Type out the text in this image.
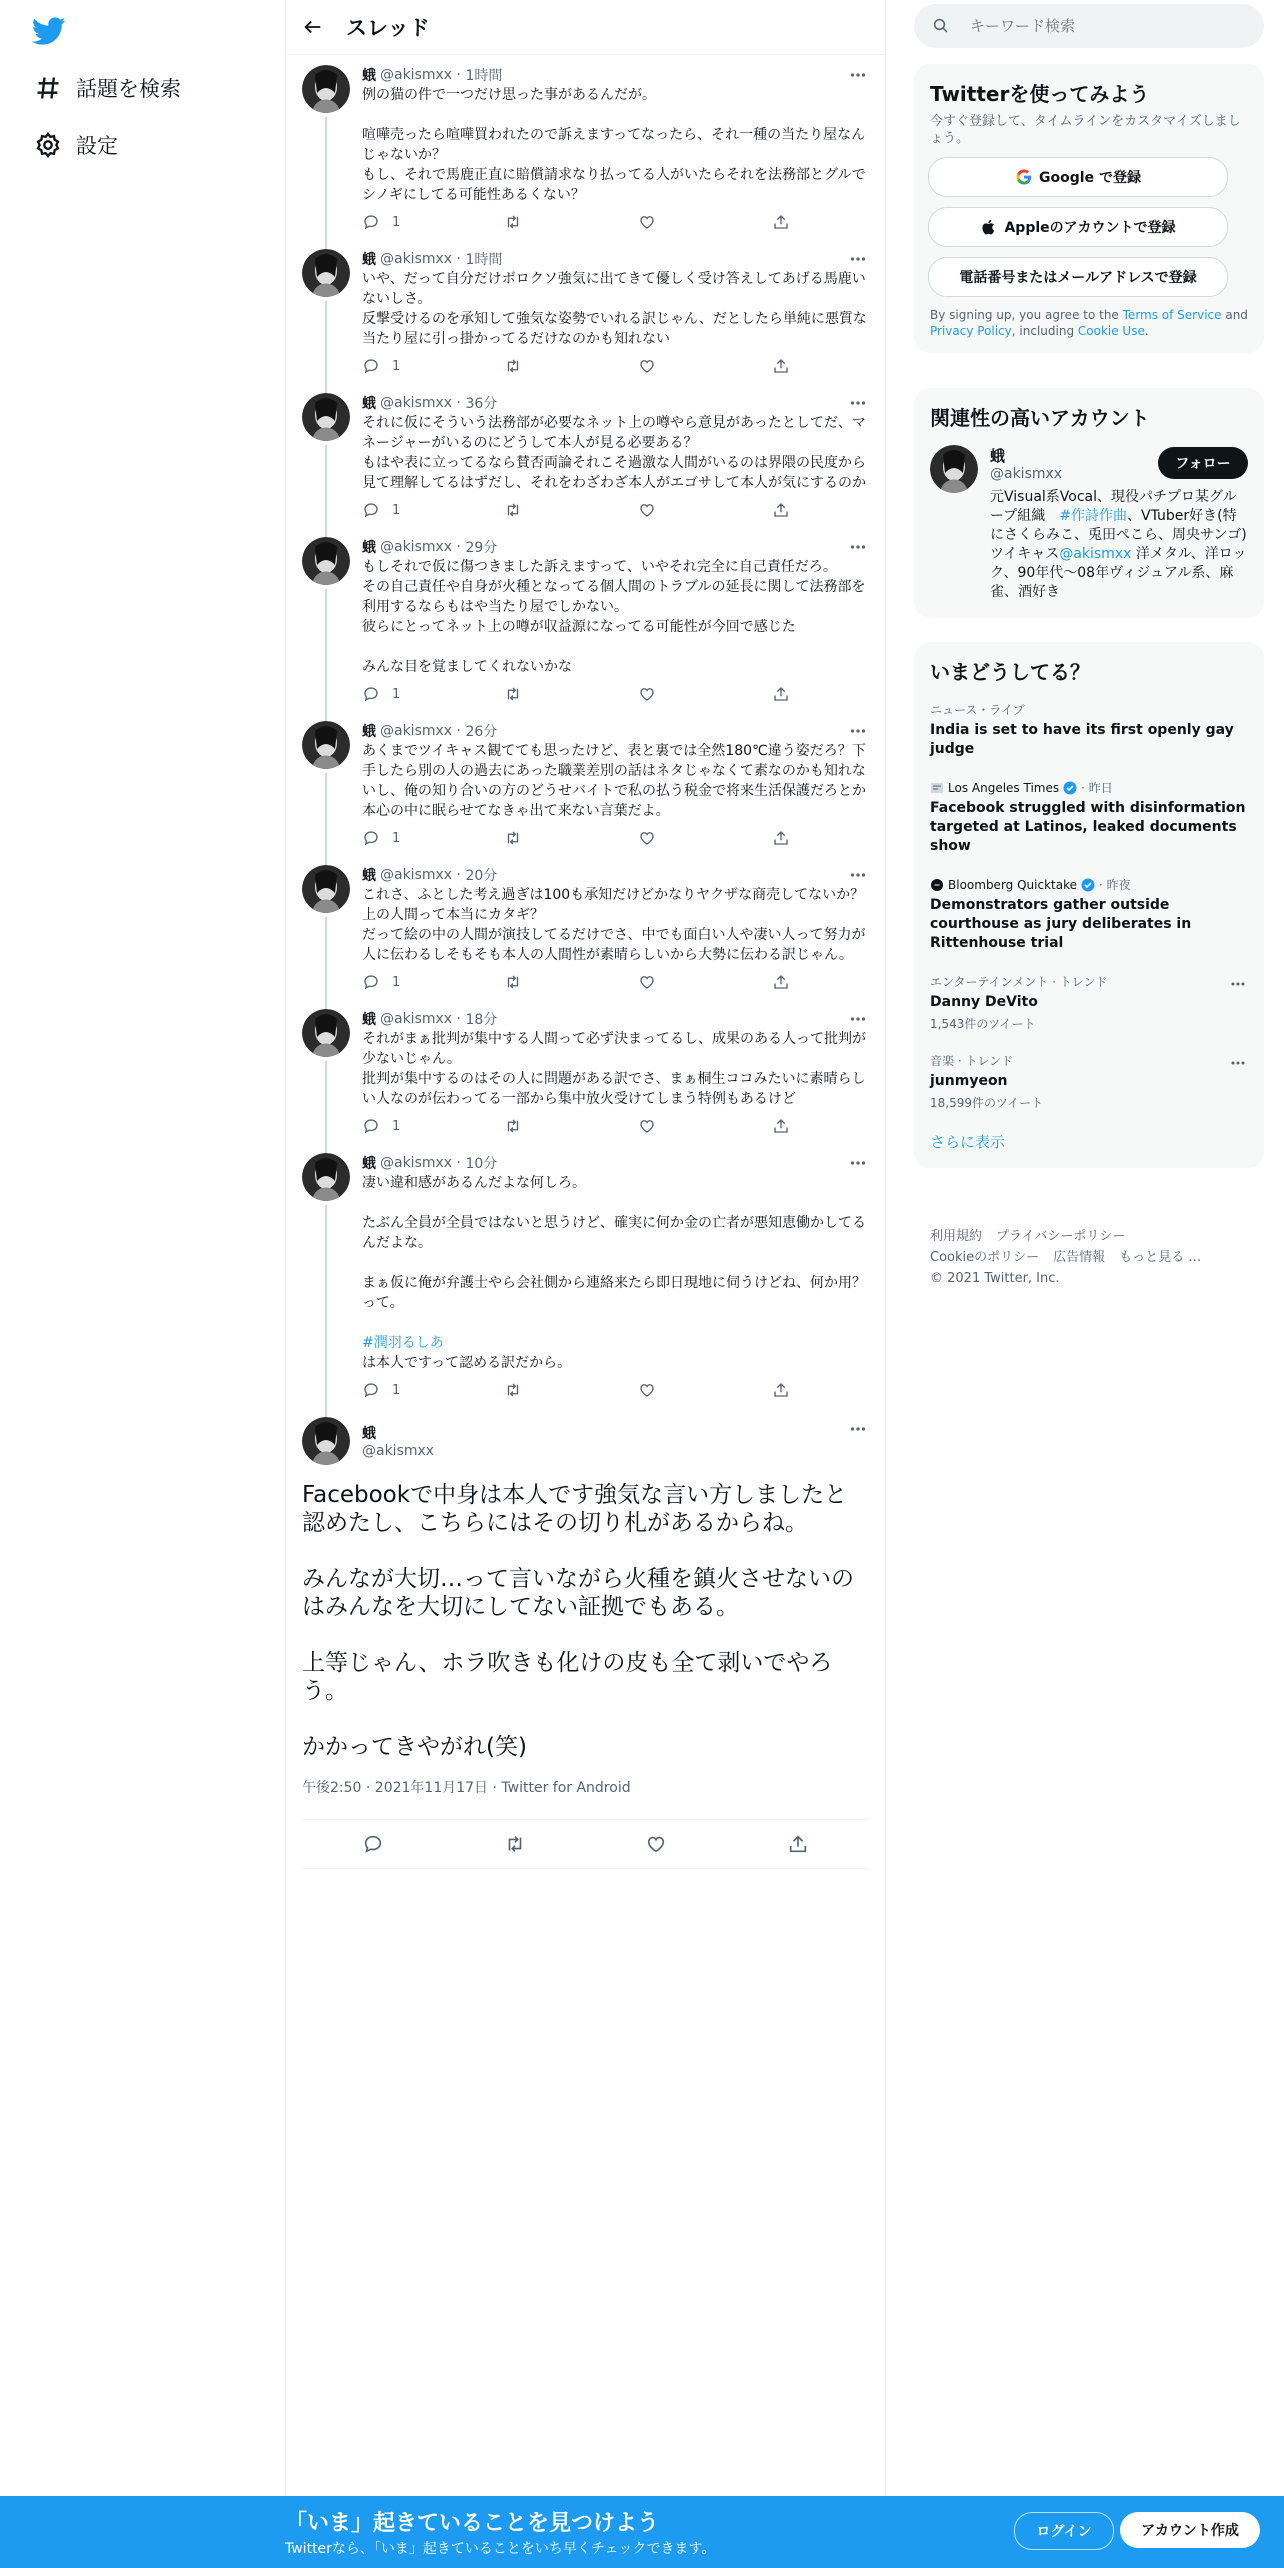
話題を検索
設定
スレッド
蛾 @akismxx · 1時間
例の猫の件で一つだけ思った事があるんだが。

喧嘩売ったら喧嘩買われたので訴えますってなったら、それ一種の当たり屋なんじゃないか？
もし、それで馬鹿正直に賠償請求なり払ってる人がいたらそれを法務部とグルでシノギにしてる可能性あるくない？
1
蛾 @akismxx · 1時間
いや、だって自分だけボロクソ強気に出てきて優しく受け答えしてあげる馬鹿いないしさ。
反撃受けるのを承知して強気な姿勢でいれる訳じゃん、だとしたら単純に悪質な当たり屋に引っ掛かってるだけなのかも知れない
1
蛾 @akismxx · 36分
それに仮にそういう法務部が必要なネット上の噂やら意見があったとしてだ、マネージャーがいるのにどうして本人が見る必要ある？
もはや表に立ってるなら賛否両論それこそ過激な人間がいるのは界隈の民度から見て理解してるはずだし、それをわざわざ本人がエゴサして本人が気にするのか
1
蛾 @akismxx · 29分
もしそれで仮に傷つきました訴えますって、いやそれ完全に自己責任だろ。
その自己責任や自身が火種となってる個人間のトラブルの延長に関して法務部を利用するならもはや当たり屋でしかない。
彼らにとってネット上の噂が収益源になってる可能性が今回で感じた

みんな目を覚ましてくれないかな
1
蛾 @akismxx · 26分
あくまでツイキャス観てても思ったけど、表と裏では全然180℃違う姿だろ？下手したら別の人の過去にあった職業差別の話はネタじゃなくて素なのかも知れないし、俺の知り合いの方のどうせバイトで私の払う税金で将来生活保護だろとか本心の中に眠らせてなきゃ出て来ない言葉だよ。
1
蛾 @akismxx · 20分
これさ、ふとした考え過ぎは100も承知だけどかなりヤクザな商売してないか？
上の人間って本当にカタギ？
だって絵の中の人間が演技してるだけでさ、中でも面白い人や凄い人って努力が人に伝わるしそもそも本人の人間性が素晴らしいから大勢に伝わる訳じゃん。
1
蛾 @akismxx · 18分
それがまぁ批判が集中する人間って必ず決まってるし、成果のある人って批判が少ないじゃん。
批判が集中するのはその人に問題がある訳でさ、まぁ桐生ココみたいに素晴らしい人なのが伝わってる一部から集中放火受けてしまう特例もあるけど
1
蛾 @akismxx · 10分
凄い違和感があるんだよな何しろ。

たぶん全員が全員ではないと思うけど、確実に何か金の亡者が悪知恵働かしてるんだよな。

まぁ仮に俺が弁護士やら会社側から連絡来たら即日現地に伺うけどね、何か用？って。

#潤羽るしあ
は本人ですって認める訳だから。
1
蛾
@akismxx
Facebookで中身は本人です強気な言い方しましたと認めたし、こちらにはその切り札があるからね。

みんなが大切…って言いながら火種を鎮火させないのはみんなを大切にしてない証拠でもある。

上等じゃん、ホラ吹きも化けの皮も全て剥いでやろう。

かかってきやがれ(笑)
午後2:50 · 2021年11月17日 · Twitter for Android
キーワード検索
Twitterを使ってみよう
今すぐ登録して、タイムラインをカスタマイズしましょう。
Google で登録
Appleのアカウントで登録
電話番号またはメールアドレスで登録
By signing up, you agree to the Terms of Service and Privacy Policy, including Cookie Use.
関連性の高いアカウント
蛾
@akismxx
元Visual系Vocal、現役パチプロ某グループ組織　#作詩作曲、VTuber好き(特にさくらみこ、兎田ぺこら、周央サンゴ)ツイキャス@akismxx 洋メタル、洋ロック、90年代～08年ヴィジュアル系、麻雀、酒好き
フォロー
いまどうしてる？
ニュース・ライブ
India is set to have its first openly gay judge
Los Angeles Times · 昨日
Facebook struggled with disinformation targeted at Latinos, leaked documents show
Bloomberg Quicktake · 昨夜
Demonstrators gather outside courthouse as jury deliberates in Rittenhouse trial
エンターテインメント · トレンド
Danny DeVito
1,543件のツイート
音楽 · トレンド
junmyeon
18,599件のツイート
さらに表示
利用規約 プライバシーポリシー
Cookieのポリシー 広告情報 もっと見る …
© 2021 Twitter, Inc.
「いま」起きていることを見つけよう
Twitterなら、「いま」起きていることをいち早くチェックできます。
ログイン	アカウント作成
